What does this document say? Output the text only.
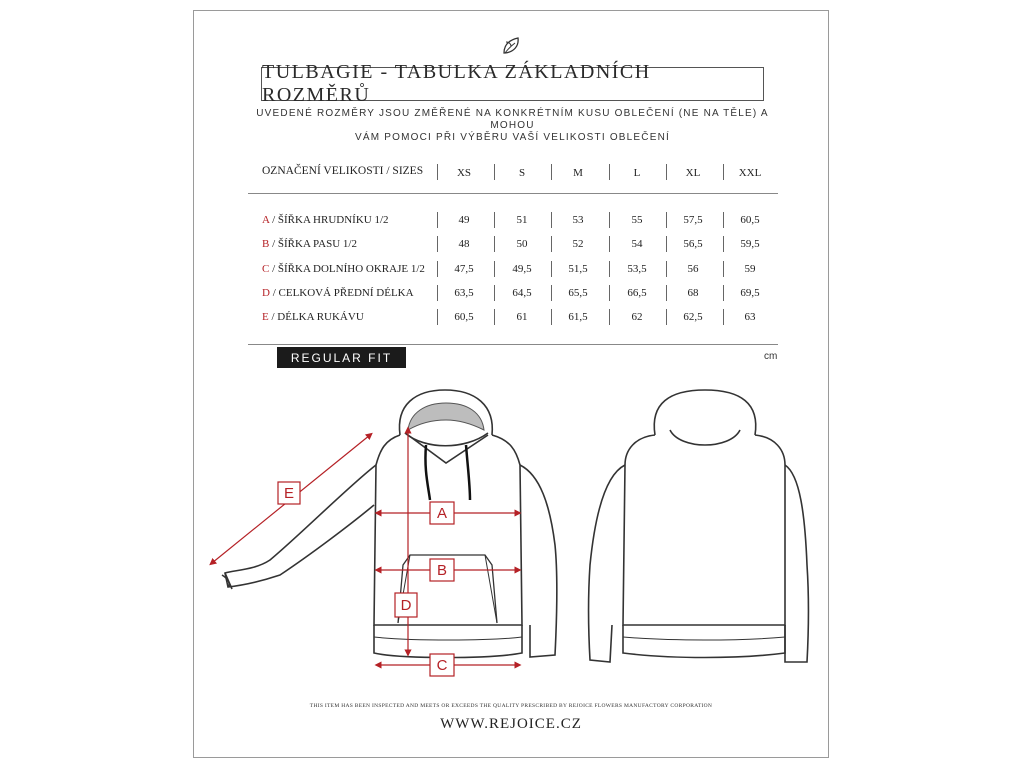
TULBAGIE - TABULKA ZÁKLADNÍCH ROZMĚRŮ
UVEDENÉ ROZMĚRY JSOU ZMĚŘENÉ NA KONKRÉTNÍM KUSU OBLEČENÍ (NE NA TĚLE) A MOHOU
VÁM POMOCI PŘI VÝBĚRU VAŠÍ VELIKOSTI OBLEČENÍ
OZNAČENÍ VELIKOSTI / SIZES	XS	S	M	L	XL	XXL
A / ŠÍŘKA HRUDNÍKU 1/2	49	51	53	55	57,5	60,5
B / ŠÍŘKA PASU 1/2	48	50	52	54	56,5	59,5
C / ŠÍŘKA DOLNÍHO OKRAJE 1/2	47,5	49,5	51,5	53,5	56	59
D / CELKOVÁ PŘEDNÍ DÉLKA	63,5	64,5	65,5	66,5	68	69,5
E / DÉLKA RUKÁVU	60,5	61	61,5	62	62,5	63
REGULAR FIT	cm
A
B
C
D
E
THIS ITEM HAS BEEN INSPECTED AND MEETS OR EXCEEDS THE QUALITY PRESCRIBED BY REJOICE FLOWERS MANUFACTORY CORPORATION
WWW.REJOICE.CZ
